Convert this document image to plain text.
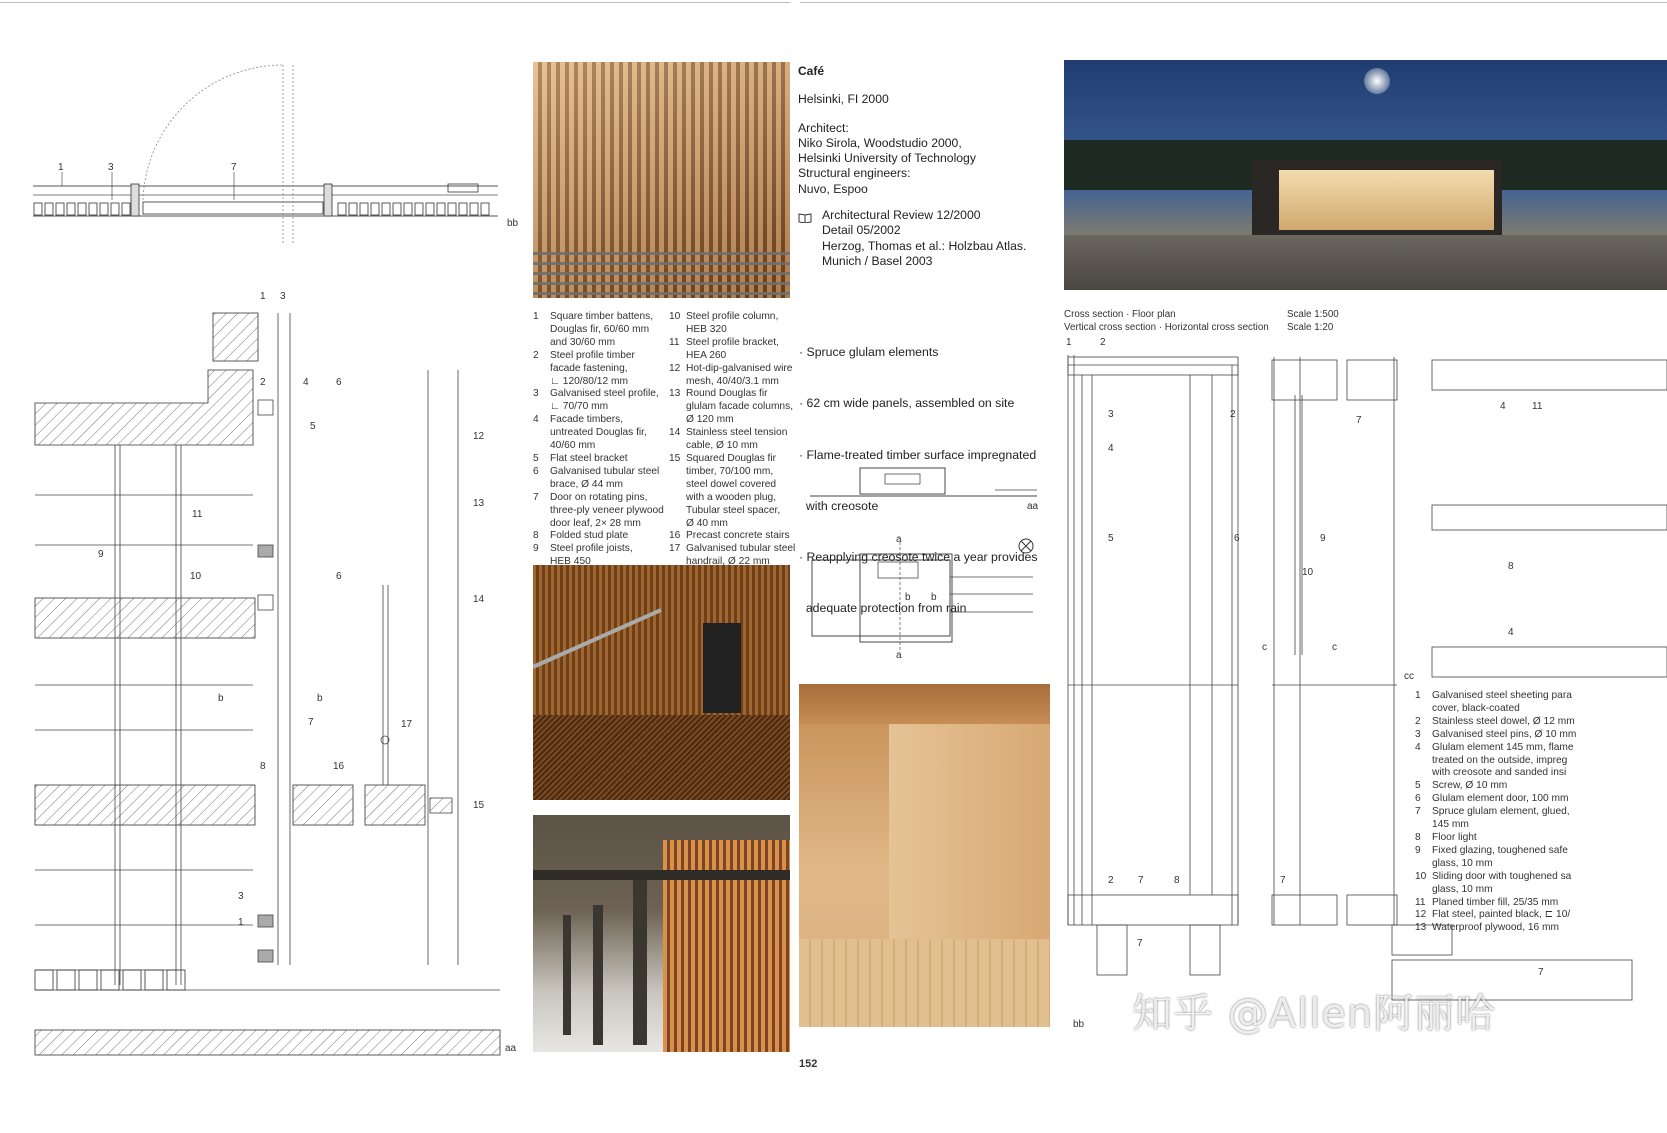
1	3	7
bb
1 3
2	4	6
5
12
13
11
9
10	6
14
b	b
7	17
8	16
15
3
1
aa
1	Square timber battens,
Douglas fir, 60/60 mm
and 30/60 mm
2	Steel profile timber
facade fastening,
∟ 120/80/12 mm
3	Galvanised steel profile,
∟ 70/70 mm
4	Facade timbers,
untreated Douglas fir,
40/60 mm
5	Flat steel bracket
6	Galvanised tubular steel
brace, Ø 44 mm
7	Door on rotating pins,
three-ply veneer plywood
door leaf, 2× 28 mm
8	Folded stud plate
9	Steel profile joists,
HEB 450
10 Steel profile column,
HEB 320
11 Steel profile bracket,
HEA 260
12 Hot-dip-galvanised wire
mesh, 40/40/3.1 mm
13 Round Douglas fir
glulam facade columns,
Ø 120 mm
14 Stainless steel tension
cable, Ø 10 mm
15 Squared Douglas fir
timber, 70/100 mm,
steel dowel covered
with a wooden plug,
Tubular steel spacer,
Ø 40 mm
16 Precast concrete stairs
17 Galvanised tubular steel
handrail, Ø 22 mm
Café
Helsinki, FI 2000
Architect:
Niko Sirola, Woodstudio 2000,
Helsinki University of Technology
Structural engineers:
Nuvo, Espoo
Architectural Review 12/2000
Detail 05/2002
Herzog, Thomas et al.: Holzbau Atlas.
Munich / Basel 2003

· Spruce glulam elements

· 62 cm wide panels, assembled on site

· Flame-treated timber surface impregnated

with creosote

· Reapplying creosote twice a year provides

adequate protection from rain

aa
a
a
b b
Cross section · Floor plan	Scale 1:500
Vertical cross section · Horizontal cross section	Scale 1:20
1	2
3
4
5
2
6	9
10
7
4	11
8
4
c	c
cc
2 7	8	7
7
7
bb
1	Galvanised steel sheeting para
cover, black-coated
2	Stainless steel dowel, Ø 12 mm
3	Galvanised steel pins, Ø 10 mm
4	Glulam element 145 mm, flame
treated on the outside, impreg
with creosote and sanded insi
5	Screw, Ø 10 mm
6	Glulam element door, 100 mm
7	Spruce glulam element, glued,
145 mm
8	Floor light
9	Fixed glazing, toughened safe
glass, 10 mm
10 Sliding door with toughened sa
glass, 10 mm
11 Planed timber fill, 25/35 mm
12 Flat steel, painted black, ⊏ 10/
13 Waterproof plywood, 16 mm
152
知乎 @Allen阿丽哈
